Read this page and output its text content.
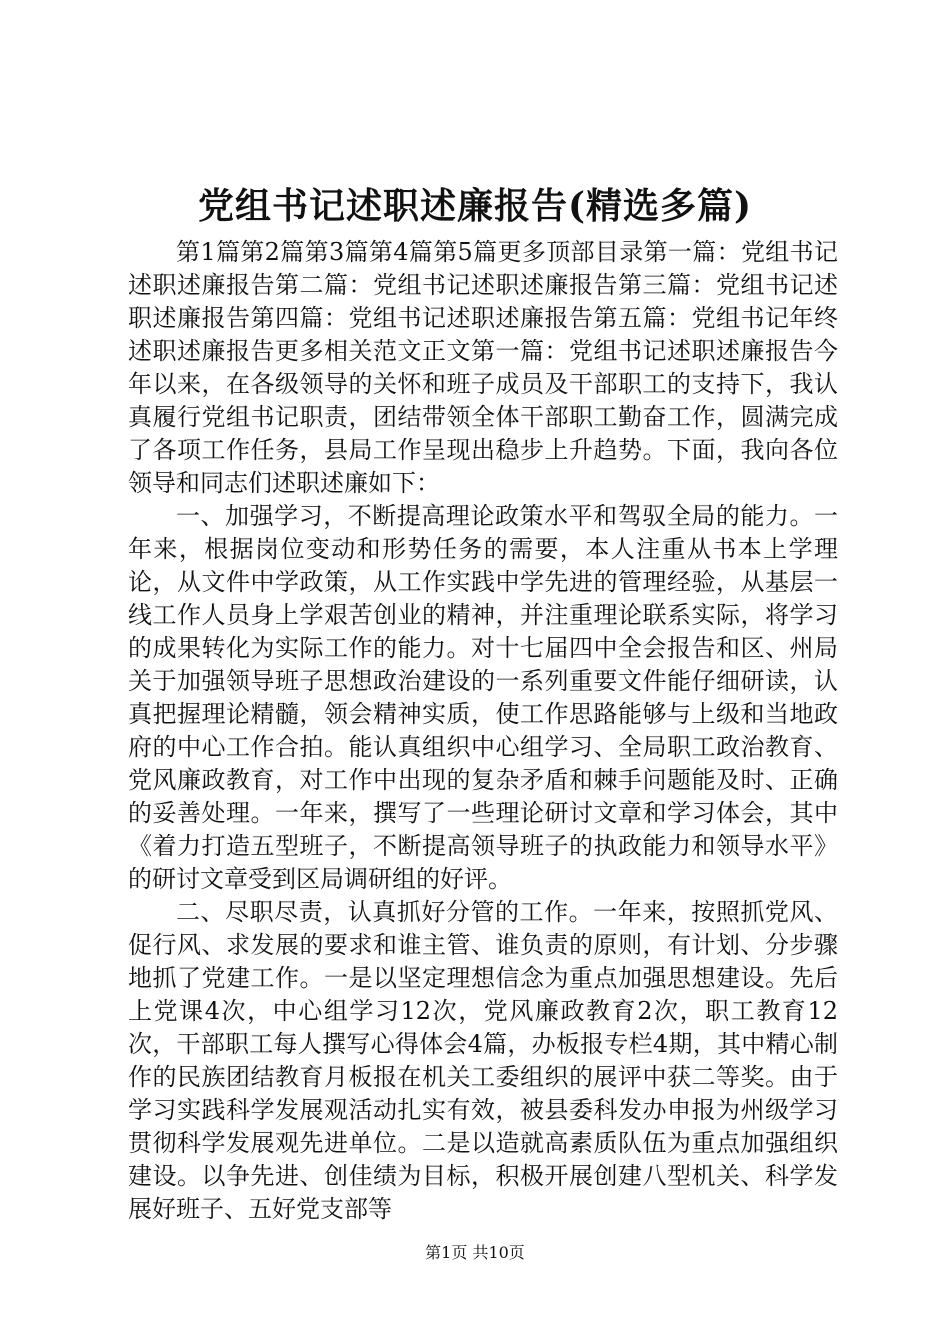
党组书记述职述廉报告(精选多篇)

第1篇第2篇第3篇第4篇第5篇更多顶部目录第一篇：党组书记述职述廉报告第二篇：党组书记述职述廉报告第三篇：党组书记述职述廉报告第四篇：党组书记述职述廉报告第五篇：党组书记年终述职述廉报告更多相关范文正文第一篇：党组书记述职述廉报告今年以来，在各级领导的关怀和班子成员及干部职工的支持下，我认真履行党组书记职责，团结带领全体干部职工勤奋工作，圆满完成了各项工作任务，县局工作呈现出稳步上升趋势。下面，我向各位领导和同志们述职述廉如下：

一、加强学习，不断提高理论政策水平和驾驭全局的能力。一年来，根据岗位变动和形势任务的需要，本人注重从书本上学理论，从文件中学政策，从工作实践中学先进的管理经验，从基层一线工作人员身上学艰苦创业的精神，并注重理论联系实际，将学习的成果转化为实际工作的能力。对十七届四中全会报告和区、州局关于加强领导班子思想政治建设的一系列重要文件能仔细研读，认真把握理论精髓，领会精神实质，使工作思路能够与上级和当地政府的中心工作合拍。能认真组织中心组学习、全局职工政治教育、党风廉政教育，对工作中出现的复杂矛盾和棘手问题能及时、正确的妥善处理。一年来，撰写了一些理论研讨文章和学习体会，其中《着力打造五型班子，不断提高领导班子的执政能力和领导水平》的研讨文章受到区局调研组的好评。

二、尽职尽责，认真抓好分管的工作。一年来，按照抓党风、促行风、求发展的要求和谁主管、谁负责的原则，有计划、分步骤地抓了党建工作。一是以坚定理想信念为重点加强思想建设。先后上党课4次，中心组学习12次，党风廉政教育2次，职工教育12次，干部职工每人撰写心得体会4篇，办板报专栏4期，其中精心制作的民族团结教育月板报在机关工委组织的展评中获二等奖。由于学习实践科学发展观活动扎实有效，被县委科发办申报为州级学习贯彻科学发展观先进单位。二是以造就高素质队伍为重点加强组织建设。以争先进、创佳绩为目标，积极开展创建八型机关、科学发展好班子、五好党支部等

第1页 共10页
